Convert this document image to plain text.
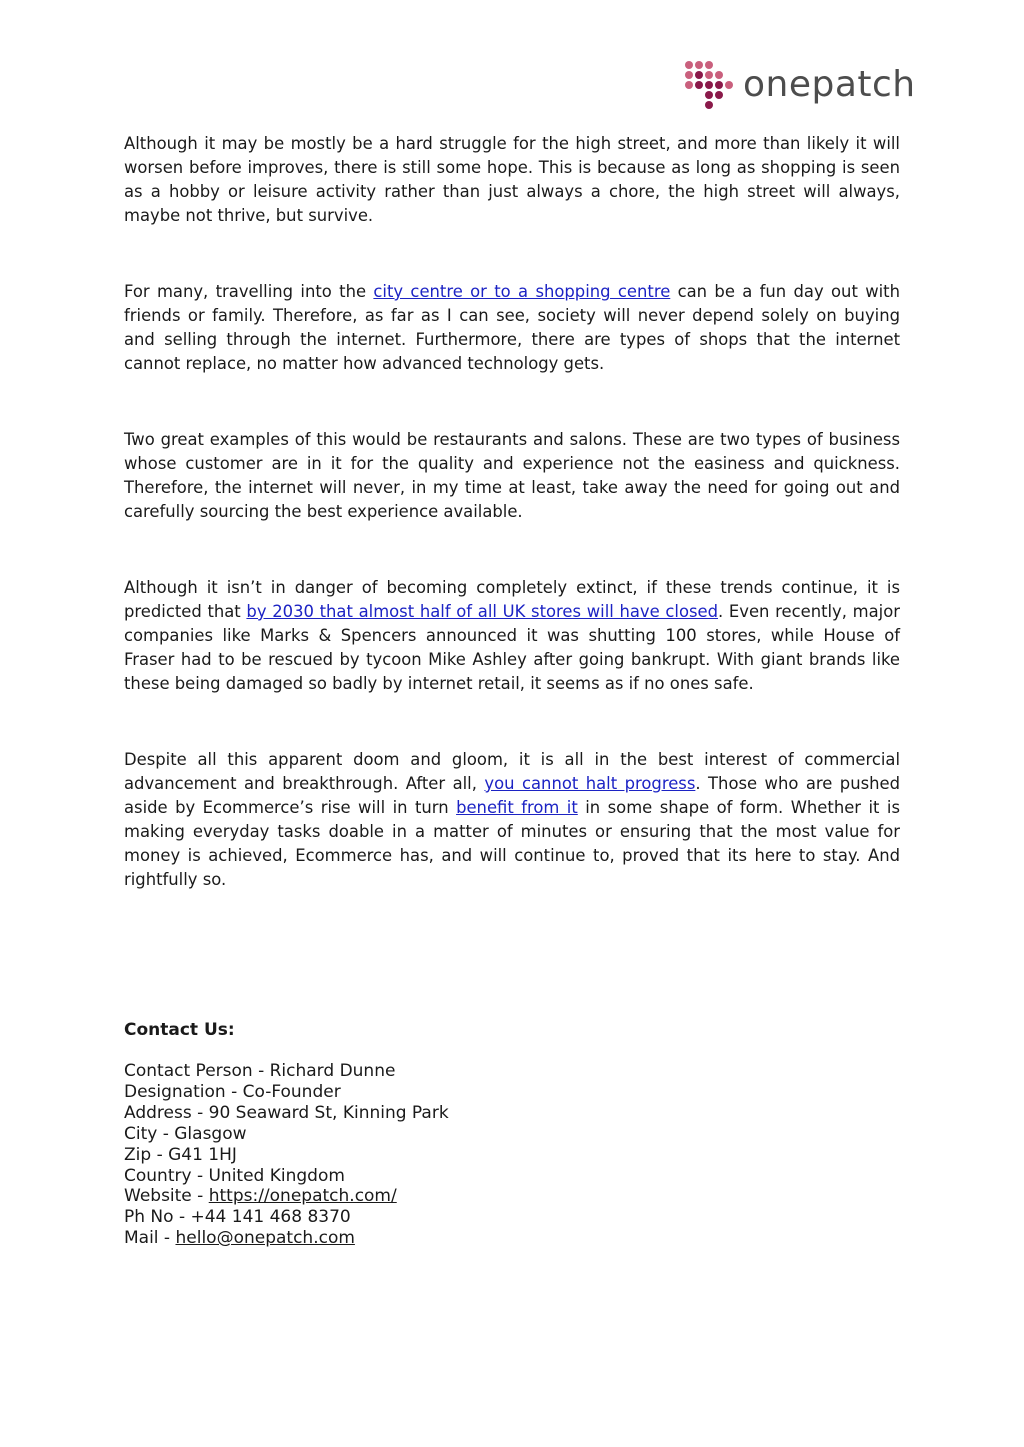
onepatch

Although it may be mostly be a hard struggle for the high street, and more than likely it will worsen before improves, there is still some hope. This is because as long as shopping is seen as a hobby or leisure activity rather than just always a chore, the high street will always, maybe not thrive, but survive.

For many, travelling into the city centre or to a shopping centre can be a fun day out with friends or family. Therefore, as far as I can see, society will never depend solely on buying and selling through the internet. Furthermore, there are types of shops that the internet cannot replace, no matter how advanced technology gets.

Two great examples of this would be restaurants and salons. These are two types of business whose customer are in it for the quality and experience not the easiness and quickness. Therefore, the internet will never, in my time at least, take away the need for going out and carefully sourcing the best experience available.

Although it isn’t in danger of becoming completely extinct, if these trends continue, it is predicted that by 2030 that almost half of all UK stores will have closed. Even recently, major companies like Marks & Spencers announced it was shutting 100 stores, while House of Fraser had to be rescued by tycoon Mike Ashley after going bankrupt. With giant brands like these being damaged so badly by internet retail, it seems as if no ones safe.

Despite all this apparent doom and gloom, it is all in the best interest of commercial advancement and breakthrough. After all, you cannot halt progress. Those who are pushed aside by Ecommerce’s rise will in turn benefit from it in some shape of form. Whether it is making everyday tasks doable in a matter of minutes or ensuring that the most value for money is achieved, Ecommerce has, and will continue to, proved that its here to stay. And rightfully so.

Contact Us:
Contact Person - Richard Dunne
Designation - Co-Founder
Address - 90 Seaward St, Kinning Park
City - Glasgow
Zip - G41 1HJ
Country - United Kingdom
Website - https://onepatch.com/
Ph No - +44 141 468 8370
Mail - hello@onepatch.com
